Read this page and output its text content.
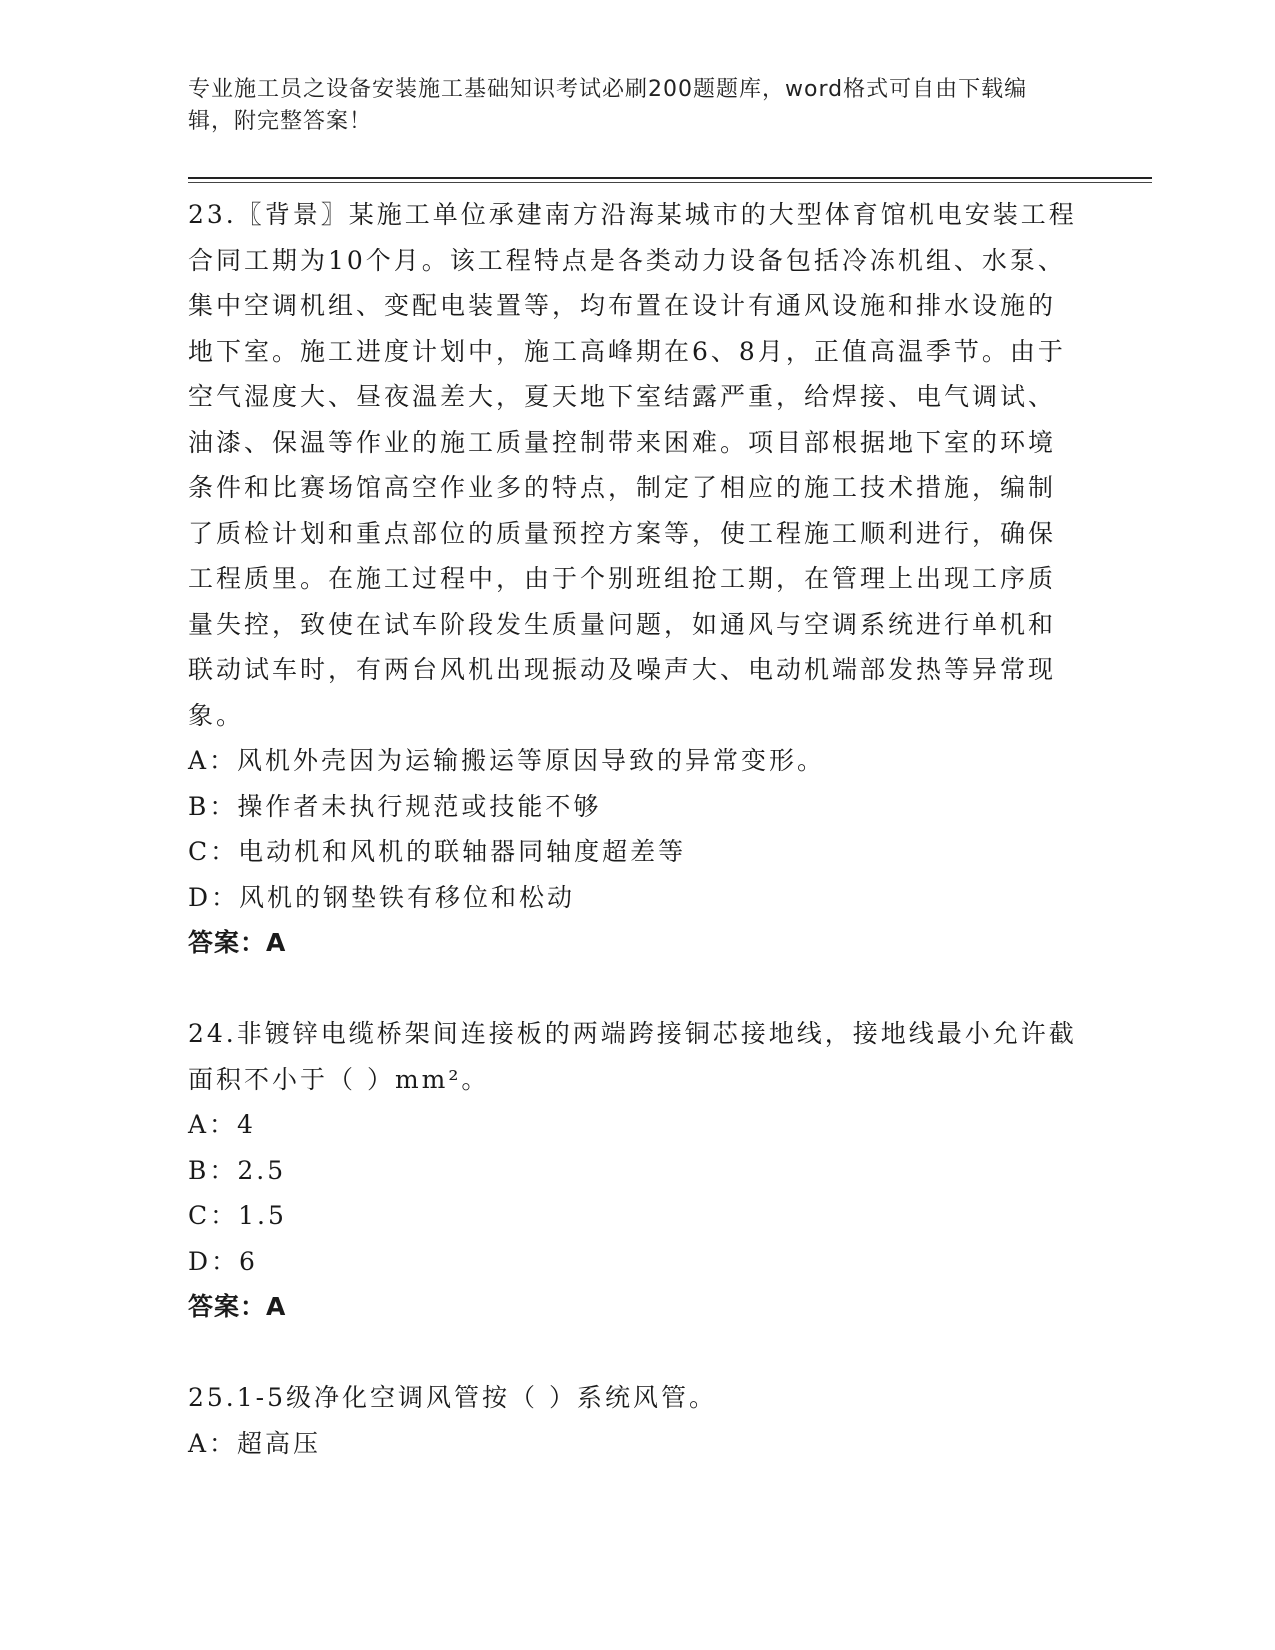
专业施工员之设备安装施工基础知识考试必刷200题题库，word格式可自由下载编辑，附完整答案！

23.〖背景〗某施工单位承建南方沿海某城市的大型体育馆机电安装工程合同工期为10个月。该工程特点是各类动力设备包括冷冻机组、水泵、集中空调机组、变配电装置等，均布置在设计有通风设施和排水设施的地下室。施工进度计划中，施工高峰期在6、8月，正值高温季节。由于空气湿度大、昼夜温差大，夏天地下室结露严重，给焊接、电气调试、油漆、保温等作业的施工质量控制带来困难。项目部根据地下室的环境条件和比赛场馆高空作业多的特点，制定了相应的施工技术措施，编制了质检计划和重点部位的质量预控方案等，使工程施工顺利进行，确保工程质里。在施工过程中，由于个别班组抢工期，在管理上出现工序质量失控，致使在试车阶段发生质量问题，如通风与空调系统进行单机和联动试车时，有两台风机出现振动及噪声大、电动机端部发热等异常现象。

A：风机外壳因为运输搬运等原因导致的异常变形。

B：操作者未执行规范或技能不够

C：电动机和风机的联轴器同轴度超差等

D：风机的钢垫铁有移位和松动

答案：A

24.非镀锌电缆桥架间连接板的两端跨接铜芯接地线，接地线最小允许截面积不小于（ ）mm²。

A：4

B：2.5

C：1.5

D：6

答案：A

25.1-5级净化空调风管按（ ）系统风管。

A：超高压
